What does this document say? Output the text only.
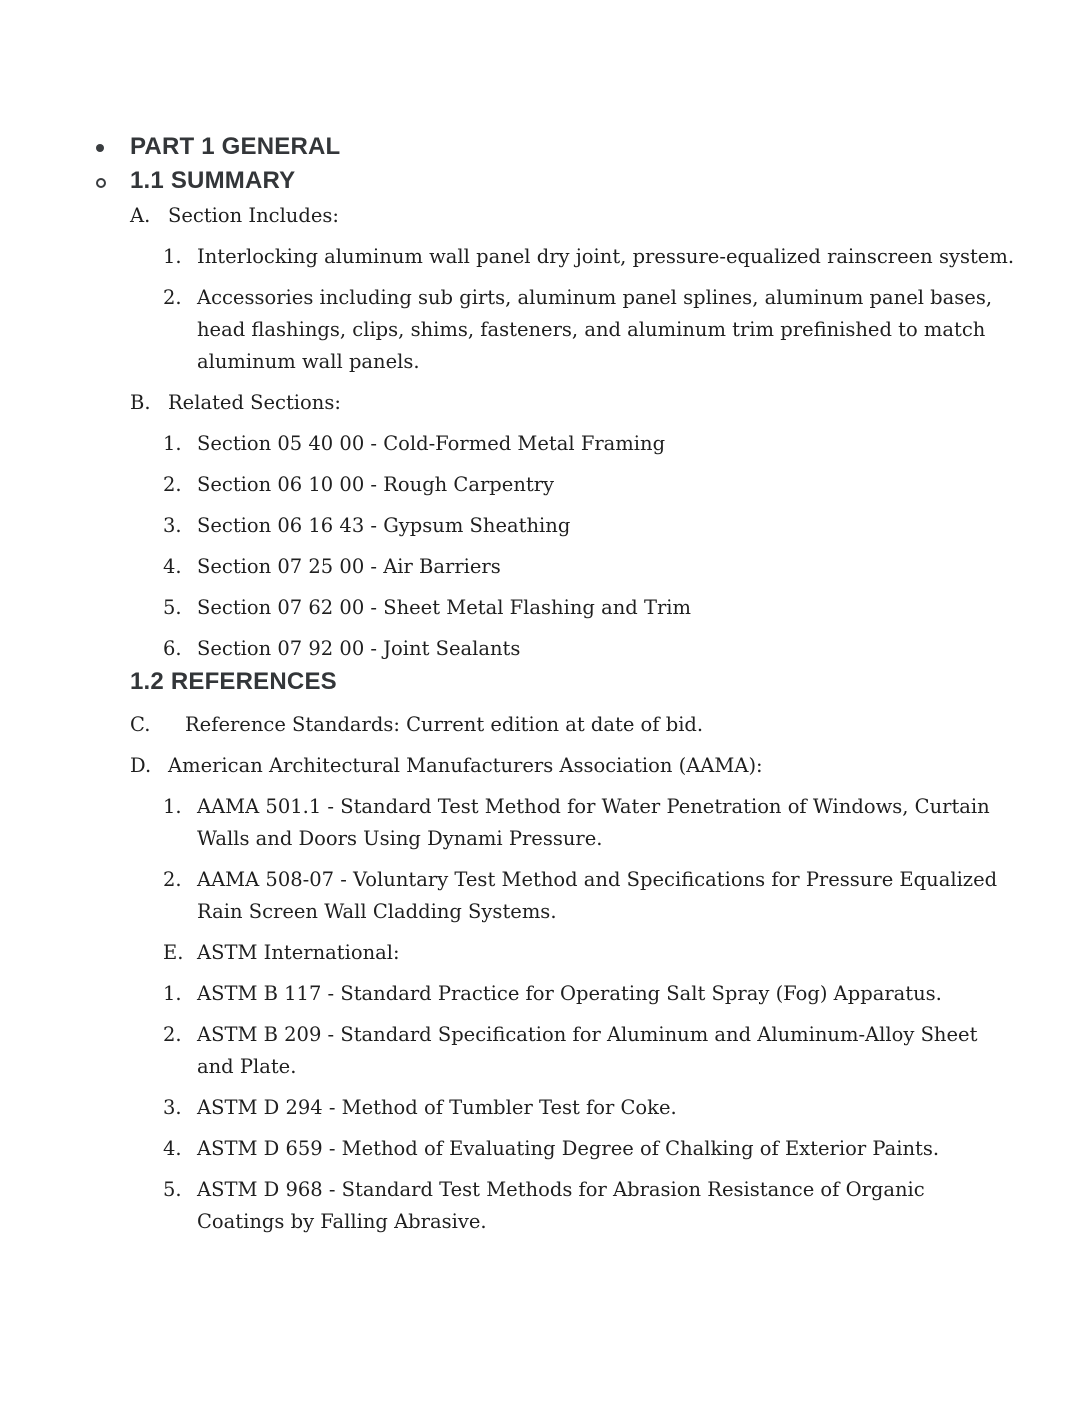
PART 1 GENERAL
1.1 SUMMARY
A. Section Includes:
1. Interlocking aluminum wall panel dry joint, pressure-equalized rainscreen system.
2. Accessories including sub girts, aluminum panel splines, aluminum panel bases,
head flashings, clips, shims, fasteners, and aluminum trim prefinished to match
aluminum wall panels.
B. Related Sections:
1. Section 05 40 00 - Cold-Formed Metal Framing
2. Section 06 10 00 - Rough Carpentry
3. Section 06 16 43 - Gypsum Sheathing
4. Section 07 25 00 - Air Barriers
5. Section 07 62 00 - Sheet Metal Flashing and Trim
6. Section 07 92 00 - Joint Sealants
1.2 REFERENCES
C.	Reference Standards: Current edition at date of bid.
D. American Architectural Manufacturers Association (AAMA):
1. AAMA 501.1 - Standard Test Method for Water Penetration of Windows, Curtain
Walls and Doors Using Dynami Pressure.
2. AAMA 508-07 - Voluntary Test Method and Specifications for Pressure Equalized
Rain Screen Wall Cladding Systems.
E. ASTM International:
1. ASTM B 117 - Standard Practice for Operating Salt Spray (Fog) Apparatus.
2. ASTM B 209 - Standard Specification for Aluminum and Aluminum-Alloy Sheet
and Plate.
3. ASTM D 294 - Method of Tumbler Test for Coke.
4. ASTM D 659 - Method of Evaluating Degree of Chalking of Exterior Paints.
5. ASTM D 968 - Standard Test Methods for Abrasion Resistance of Organic
Coatings by Falling Abrasive.
